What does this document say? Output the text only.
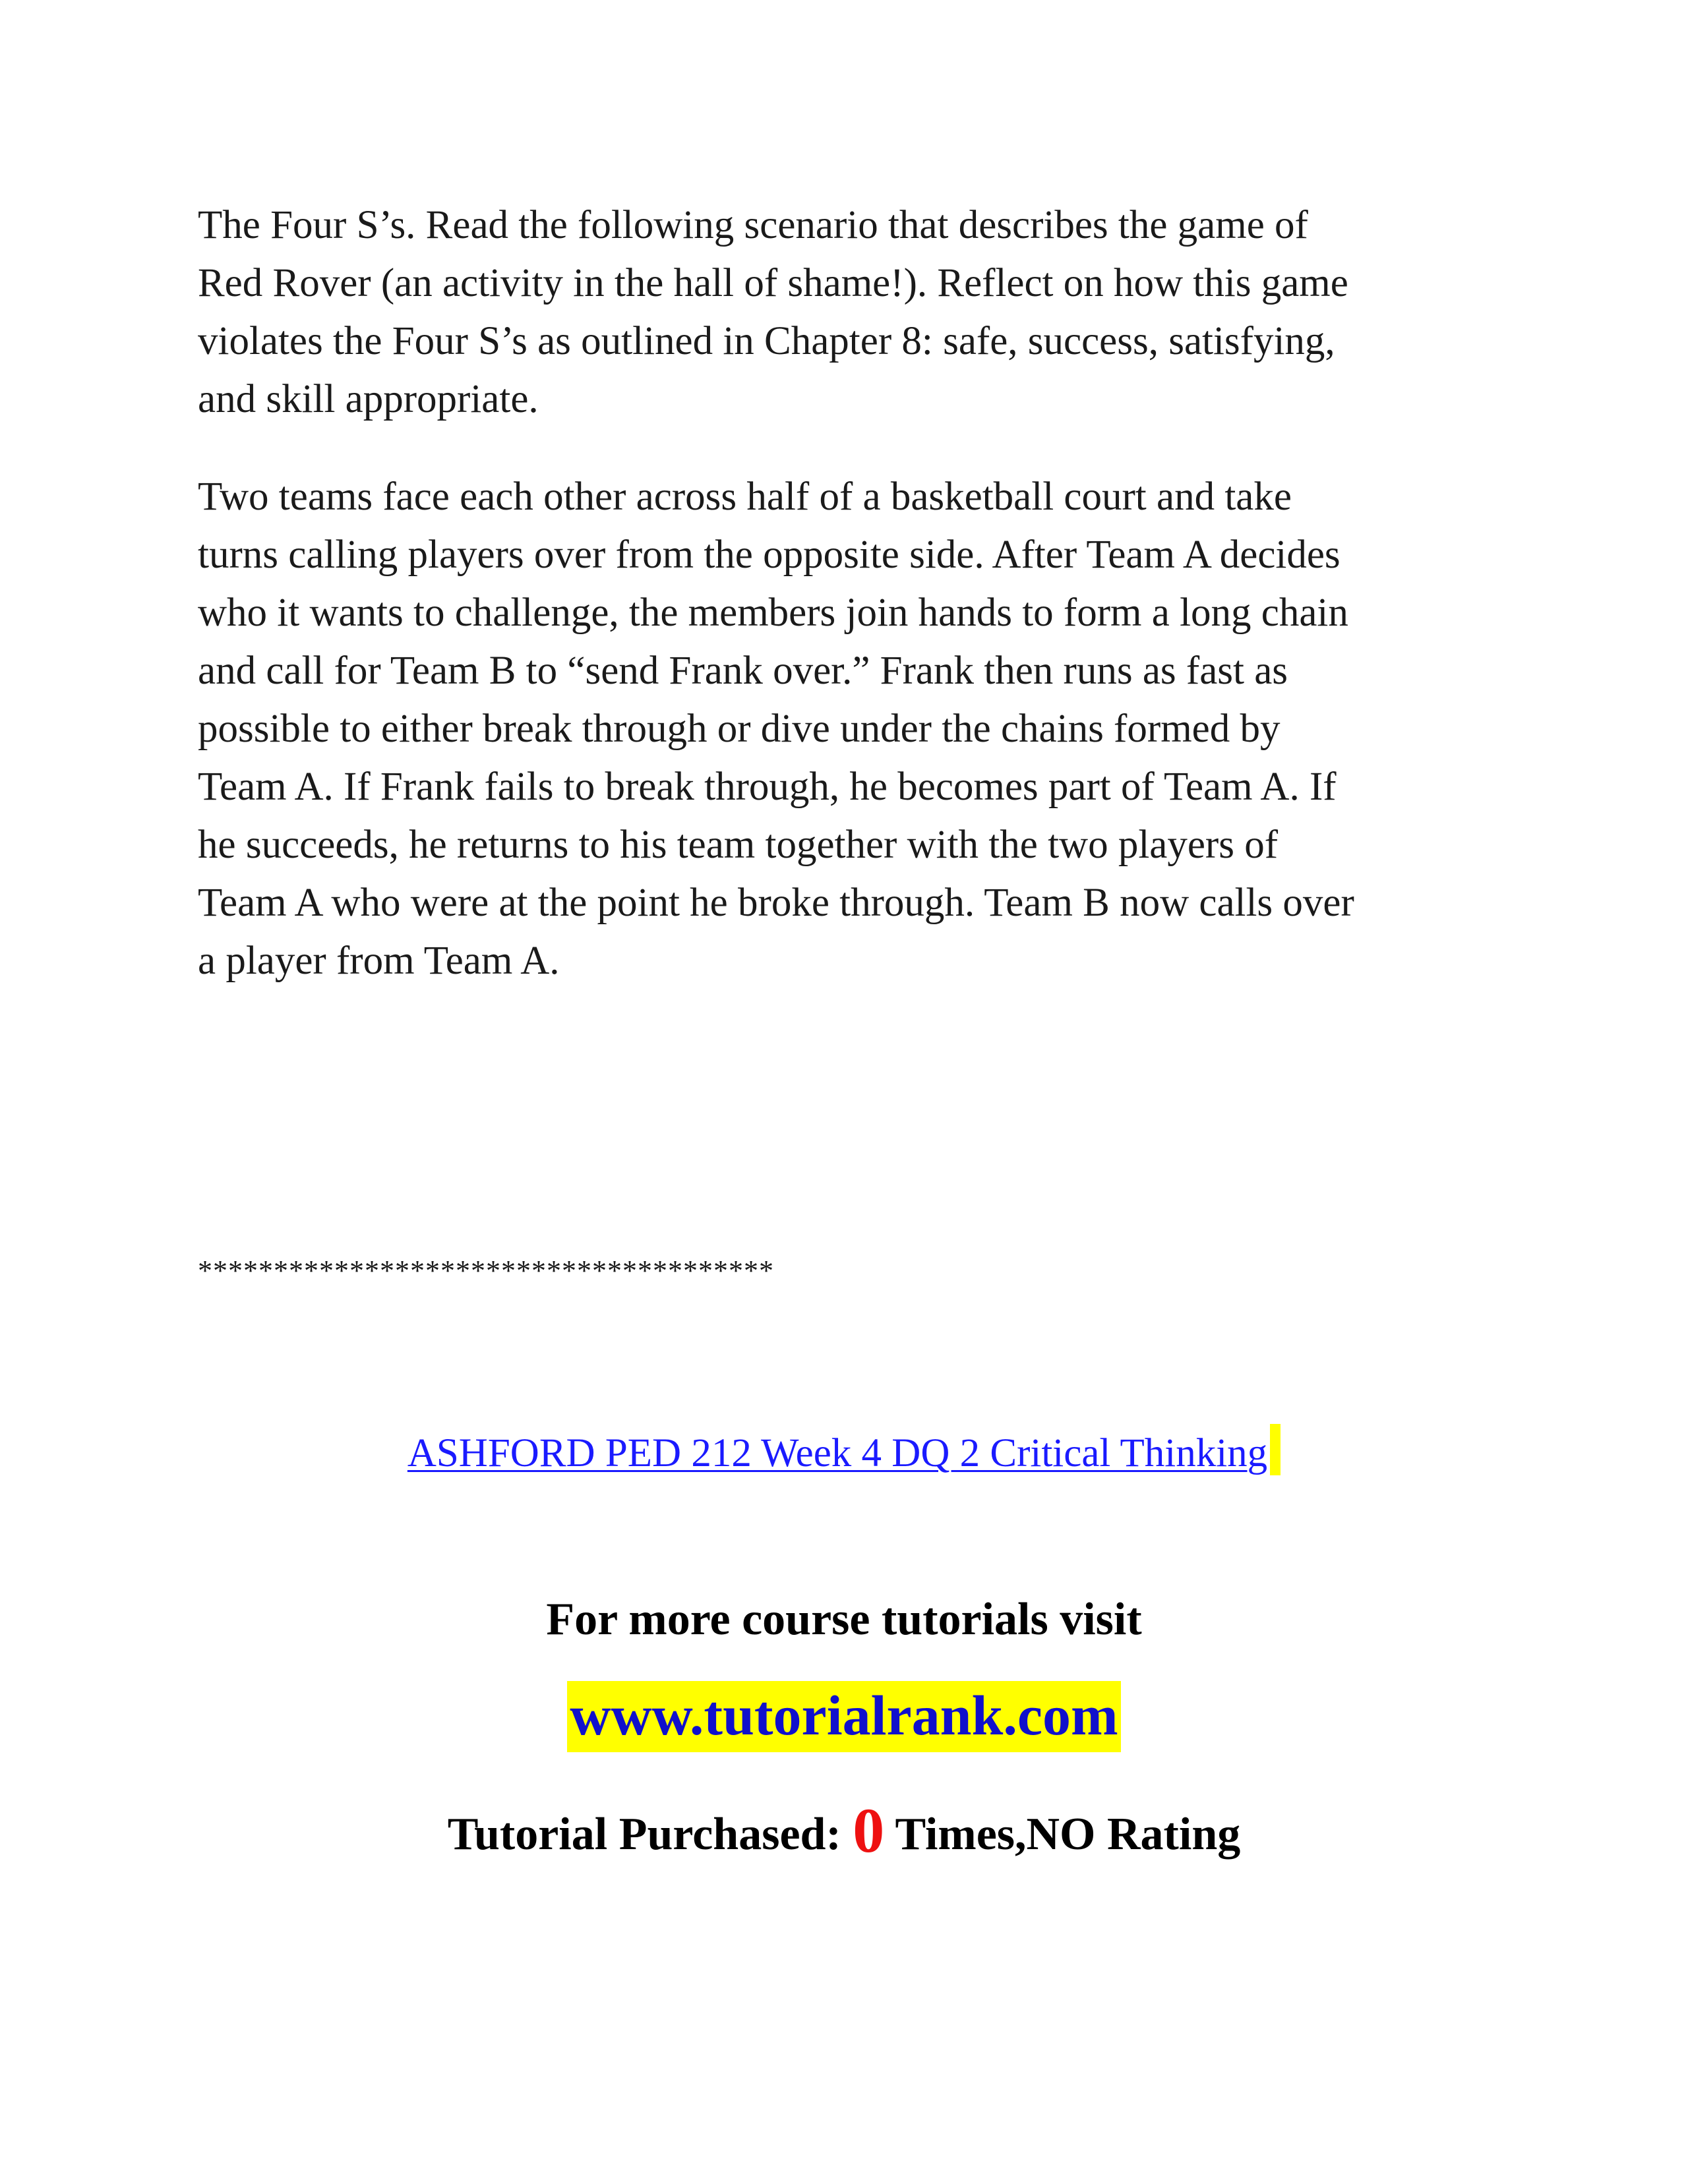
The Four S’s. Read the following scenario that describes the game of
Red Rover (an activity in the hall of shame!). Reflect on how this game
violates the Four S’s as outlined in Chapter 8: safe, success, satisfying,
and skill appropriate.

Two teams face each other across half of a basketball court and take
turns calling players over from the opposite side. After Team A decides
who it wants to challenge, the members join hands to form a long chain
and call for Team B to “send Frank over.” Frank then runs as fast as
possible to either break through or dive under the chains formed by
Team A. If Frank fails to break through, he becomes part of Team A. If
he succeeds, he returns to his team together with the two players of
Team A who were at the point he broke through. Team B now calls over
a player from Team A.

**************************************
ASHFORD PED 212 Week 4 DQ 2 Critical Thinking
For more course tutorials visit
www.tutorialrank.com
Tutorial Purchased: 0 Times,NO Rating
